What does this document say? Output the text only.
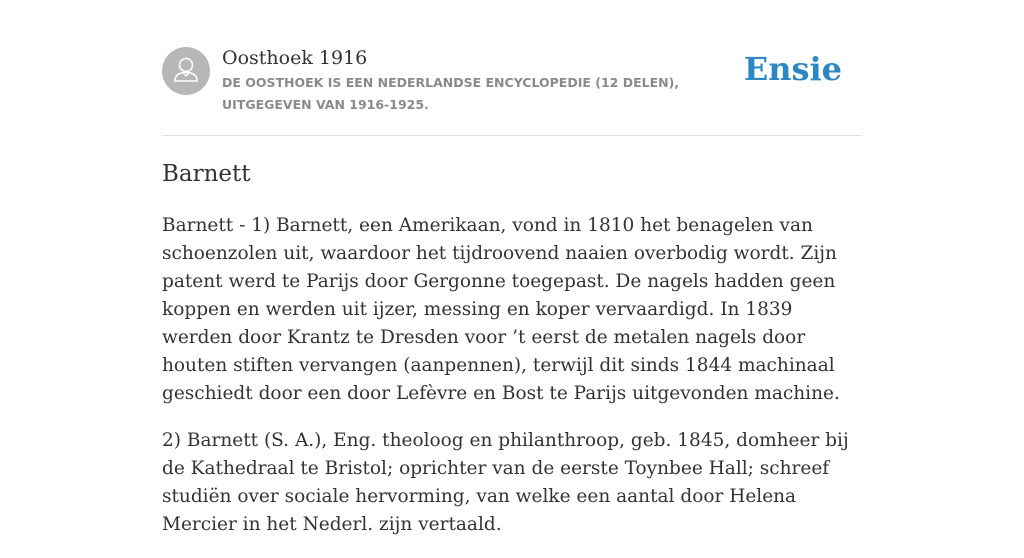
Oosthoek 1916
DE OOSTHOEK IS EEN NEDERLANDSE ENCYCLOPEDIE (12 DELEN), UITGEGEVEN VAN 1916-1925.
Ensie
Barnett

Barnett - 1) Barnett, een Amerikaan, vond in 1810 het benagelen van schoenzolen uit, waardoor het tijdroovend naaien overbodig wordt. Zijn patent werd te Parijs door Gergonne toegepast. De nagels hadden geen koppen en werden uit ijzer, messing en koper vervaardigd. In 1839 werden door Krantz te Dresden voor ’t eerst de metalen nagels door houten stiften vervangen (aanpennen), terwijl dit sinds 1844 machinaal geschiedt door een door Lefèvre en Bost te Parijs uitgevonden machine.

2) Barnett (S. A.), Eng. theoloog en philanthroop, geb. 1845, domheer bij de Kathedraal te Bristol; oprichter van de eerste Toynbee Hall; schreef studiën over sociale hervorming, van welke een aantal door Helena Mercier in het Nederl. zijn vertaald.
